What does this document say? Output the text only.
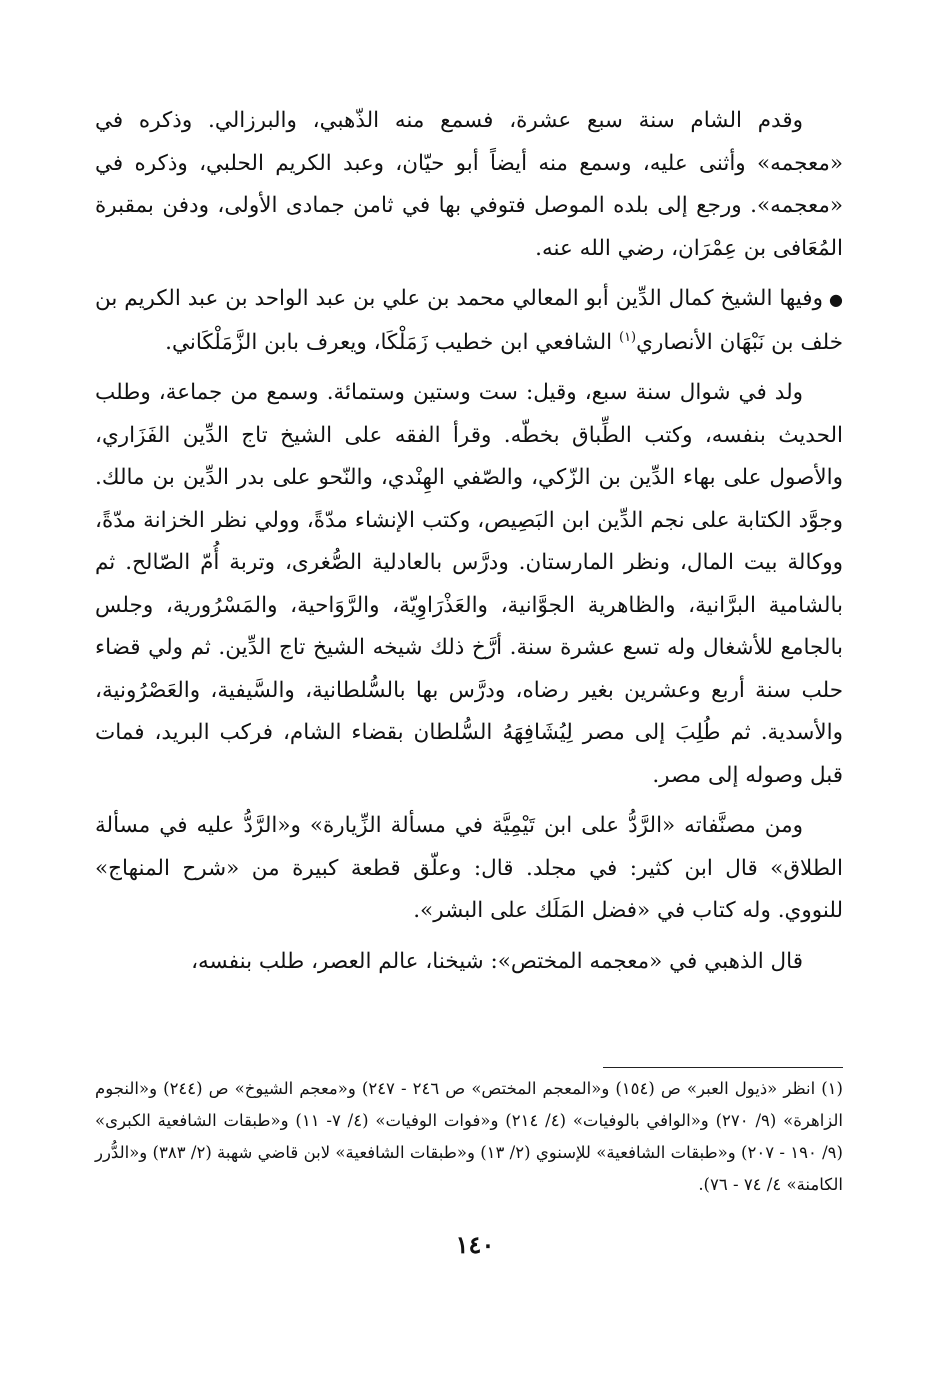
وقدم الشام سنة سبع عشرة، فسمع منه الذّهبي، والبرزالي. وذكره في «معجمه» وأثنى عليه، وسمع منه أيضاً أبو حيّان، وعبد الكريم الحلبي، وذكره في «معجمه». ورجع إلى بلده الموصل فتوفي بها في ثامن جمادى الأولى، ودفن بمقبرة المُعَافى بن عِمْرَان، رضي الله عنه.

●وفيها الشيخ كمال الدِّين أبو المعالي محمد بن علي بن عبد الواحد بن عبد الكريم بن خلف بن نَبْهَان الأنصاري$^{(١)}$ الشافعي ابن خطيب زَمَلْكَا، ويعرف بابن الزَّمَلْكَاني.

ولد في شوال سنة سبع، وقيل: ست وستين وستمائة. وسمع من جماعة، وطلب الحديث بنفسه، وكتب الطِّباق بخطّه. وقرأ الفقه على الشيخ تاج الدِّين الفَزَاري، والأصول على بهاء الدِّين بن الزّكي، والصّفي الهِنْدي، والنّحو على بدر الدِّين بن مالك. وجوَّد الكتابة على نجم الدِّين ابن البَصِيص، وكتب الإنشاء مدّةً، وولي نظر الخزانة مدّةً، ووكالة بيت المال، ونظر المارستان. ودرَّس بالعادلية الصُّغرى، وتربة أُمّ الصّالح. ثم بالشامية البرَّانية، والظاهرية الجوَّانية، والعَذْرَاوِيّة، والرَّوَاحية، والمَسْرُورية، وجلس بالجامع للأشغال وله تسع عشرة سنة. أرَّخ ذلك شيخه الشيخ تاج الدِّين. ثم ولي قضاء حلب سنة أربع وعشرين بغير رضاه، ودرَّس بها بالسُّلطانية، والسَّيفية، والعَصْرُونية، والأسدية. ثم طُلِبَ إلى مصر لِيُشَافِهَهُ السُّلطان بقضاء الشام، فركب البريد، فمات قبل وصوله إلى مصر.

ومن مصنَّفاته «الرَّدُّ على ابن تَيْمِيَّة في مسألة الزِّيارة» و«الرَّدُّ عليه في مسألة الطلاق» قال ابن كثير: في مجلد. قال: وعلّق قطعة كبيرة من «شرح المنهاج» للنووي. وله كتاب في «فضل المَلَك على البشر».

قال الذهبي في «معجمه المختص»: شيخنا، عالم العصر، طلب بنفسه،

(١) انظر «ذيول العبر» ص (١٥٤) و«المعجم المختص» ص ٢٤٦ - ٢٤٧) و«معجم الشيوخ» ص (٢٤٤) و«النجوم الزاهرة» (٩/ ٢٧٠) و«الوافي بالوفيات» (٤/ ٢١٤) و«فوات الوفيات» (٤/ ٧- ١١) و«طبقات الشافعية الكبرى» (٩/ ١٩٠ - ٢٠٧) و«طبقات الشافعية» للإسنوي (٢/ ١٣) و«طبقات الشافعية» لابن قاضي شهبة (٢/ ٣٨٣) و«الدُّرر الكامنة» ٤/ ٧٤ - ٧٦).

١٤٠
